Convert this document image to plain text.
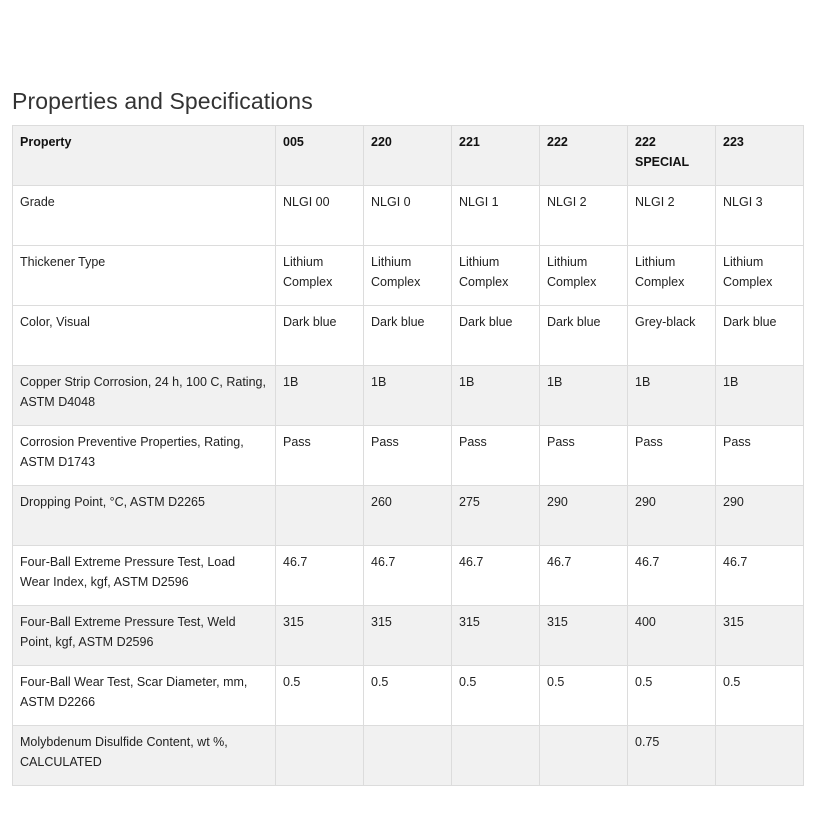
Properties and Specifications
Property	005	220	221	222	222 SPECIAL	223
Grade	NLGI 00	NLGI 0	NLGI 1	NLGI 2	NLGI 2	NLGI 3
Thickener Type	Lithium Complex	Lithium Complex	Lithium Complex	Lithium Complex	Lithium Complex	Lithium Complex
Color, Visual	Dark blue	Dark blue	Dark blue	Dark blue	Grey-black	Dark blue
Copper Strip Corrosion, 24 h, 100 C, Rating, ASTM D4048	1B	1B	1B	1B	1B	1B
Corrosion Preventive Properties, Rating, ASTM D1743	Pass	Pass	Pass	Pass	Pass	Pass
Dropping Point, °C, ASTM D2265		260	275	290	290	290
Four-Ball Extreme Pressure Test, Load Wear Index, kgf, ASTM D2596	46.7	46.7	46.7	46.7	46.7	46.7
Four-Ball Extreme Pressure Test, Weld Point, kgf, ASTM D2596	315	315	315	315	400	315
Four-Ball Wear Test, Scar Diameter, mm, ASTM D2266	0.5	0.5	0.5	0.5	0.5	0.5
Molybdenum Disulfide Content, wt %, CALCULATED					0.75	
